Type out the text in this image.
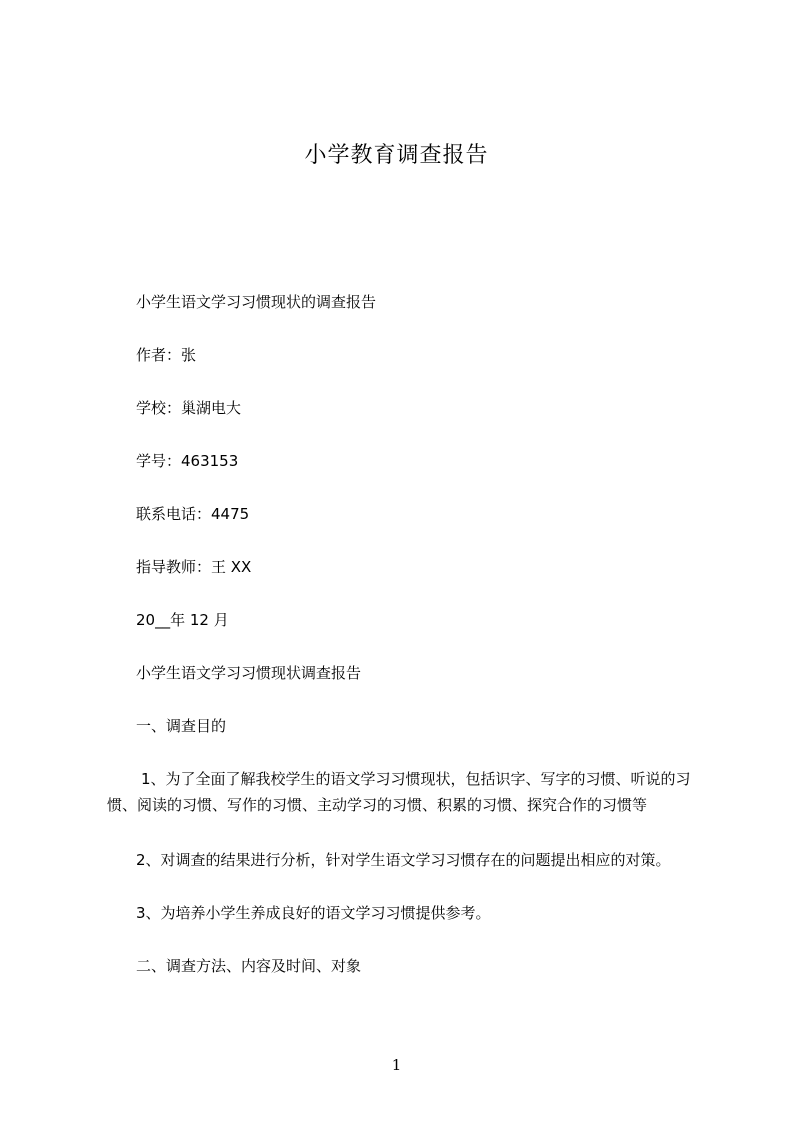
小学教育调查报告
小学生语文学习习惯现状的调查报告
作者：张
学校：巢湖电大
学号：463153
联系电话：4475
指导教师：王 XX
20__年 12 月
小学生语文学习习惯现状调查报告
一、调查目的
1、为了全面了解我校学生的语文学习习惯现状，包括识字、写字的习惯、听说的习惯、阅读的习惯、写作的习惯、主动学习的习惯、积累的习惯、探究合作的习惯等
2、对调查的结果进行分析，针对学生语文学习习惯存在的问题提出相应的对策。
3、为培养小学生养成良好的语文学习习惯提供参考。
二、调查方法、内容及时间、对象
1
